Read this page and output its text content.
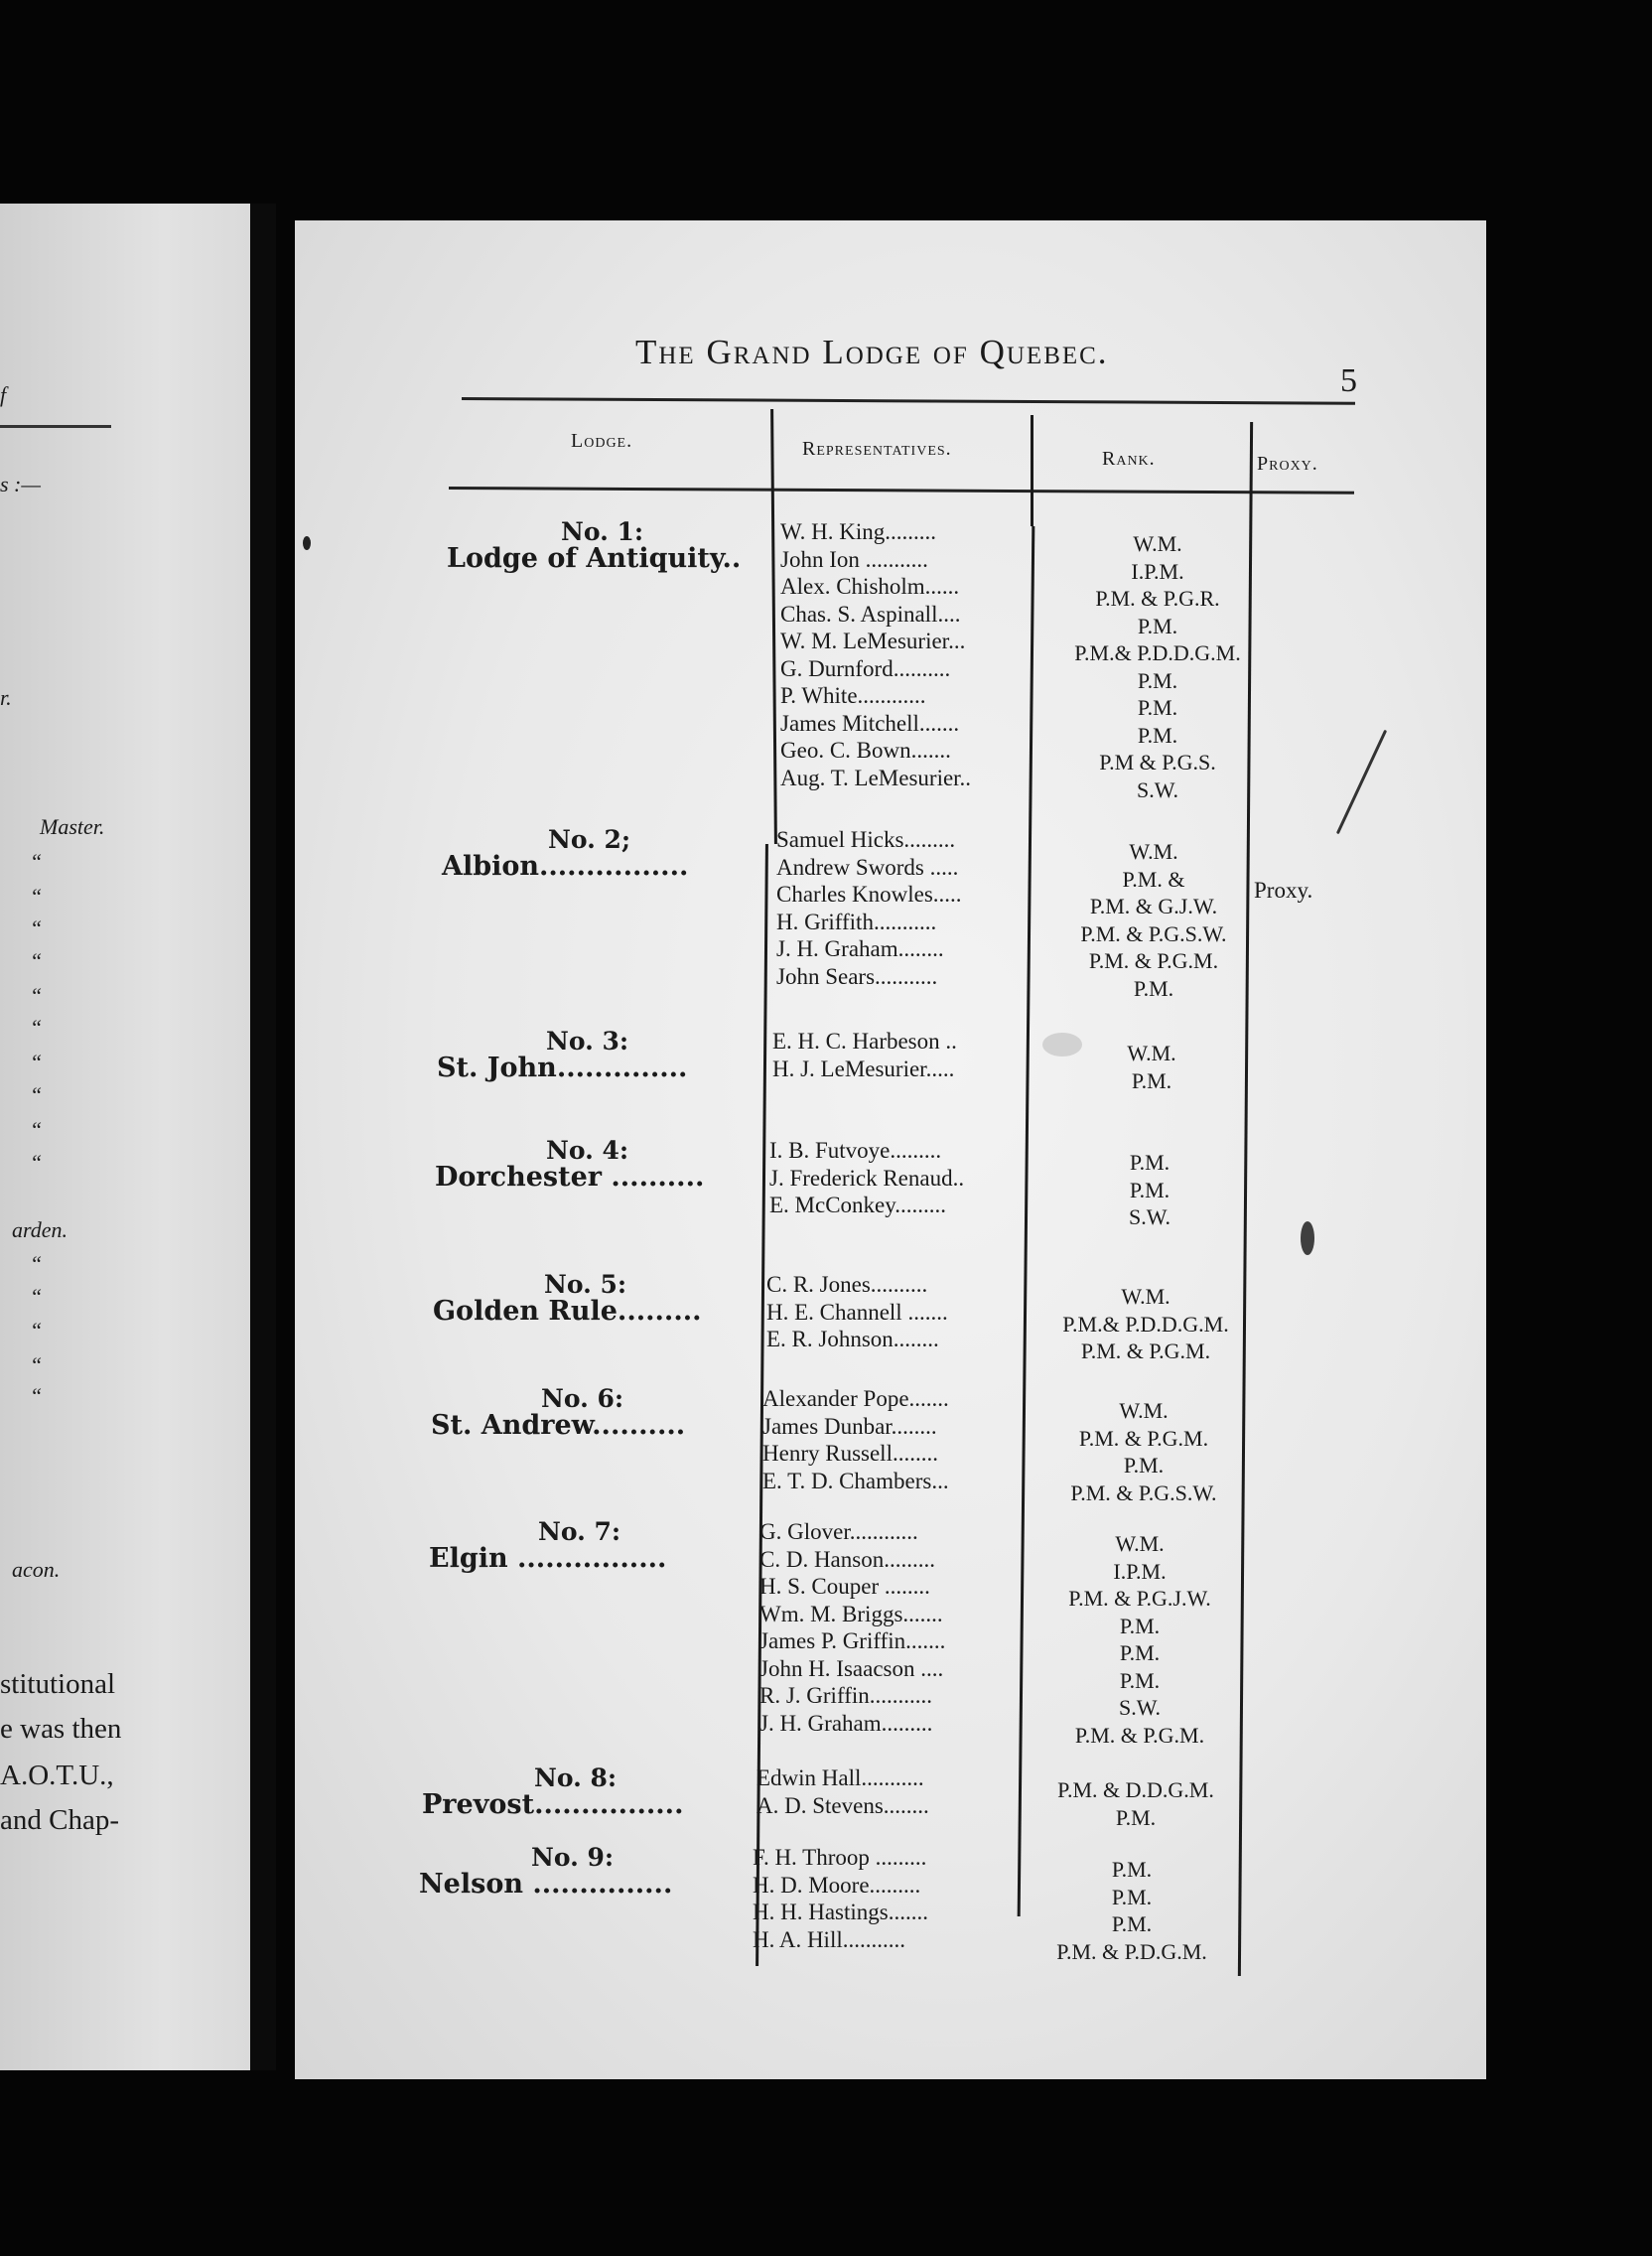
f
s :—
r.
Master.
“
“
“
“
“
“
“
“
“
“
arden.
“
“
“
“
“
acon.
stitutional
e was then
A.O.T.U.,
and Chap-
The Grand Lodge of Quebec.
5
Lodge.	Representatives.	Rank.	Proxy.
No. 1:
Lodge of Antiquity..
W. H. King.........	W.M.
John Ion ...........	I.P.M.
Alex. Chisholm......	P.M. & P.G.R.
Chas. S. Aspinall....	P.M.
W. M. LeMesurier...	P.M.& P.D.D.G.M.
G. Durnford..........	P.M.
P. White............	P.M.
James Mitchell.......	P.M.
Geo. C. Bown.......	P.M & P.G.S.
Aug. T. LeMesurier..	S.W.
No. 2;
Albion................
Proxy.
Samuel Hicks.........	W.M.
Andrew Swords .....	P.M. &
Charles Knowles.....	P.M. & G.J.W.
H. Griffith...........	P.M. & P.G.S.W.
J. H. Graham........	P.M. & P.G.M.
John Sears...........	P.M.
No. 3:
St. John..............
E. H. C. Harbeson ..	W.M.
H. J. LeMesurier.....	P.M.
No. 4:
Dorchester ..........
I. B. Futvoye.........	P.M.
J. Frederick Renaud..	P.M.
E. McConkey.........	S.W.
No. 5:
Golden Rule.........
C. R. Jones..........	W.M.
H. E. Channell .......	P.M.& P.D.D.G.M.
E. R. Johnson........	P.M. & P.G.M.
No. 6:
St. Andrew..........
Alexander Pope.......	W.M.
James Dunbar........	P.M. & P.G.M.
Henry Russell........	P.M.
E. T. D. Chambers...	P.M. & P.G.S.W.
No. 7:
Elgin ................
G. Glover............	W.M.
C. D. Hanson.........	I.P.M.
H. S. Couper ........	P.M. & P.G.J.W.
Wm. M. Briggs.......	P.M.
James P. Griffin.......	P.M.
John H. Isaacson ....	P.M.
R. J. Griffin...........	S.W.
J. H. Graham.........	P.M. & P.G.M.
No. 8:
Prevost................
Edwin Hall...........	P.M. & D.D.G.M.
A. D. Stevens........	P.M.
No. 9:
Nelson ...............
F. H. Throop .........	P.M.
H. D. Moore.........	P.M.
H. H. Hastings.......	P.M.
H. A. Hill...........	P.M. & P.D.G.M.
